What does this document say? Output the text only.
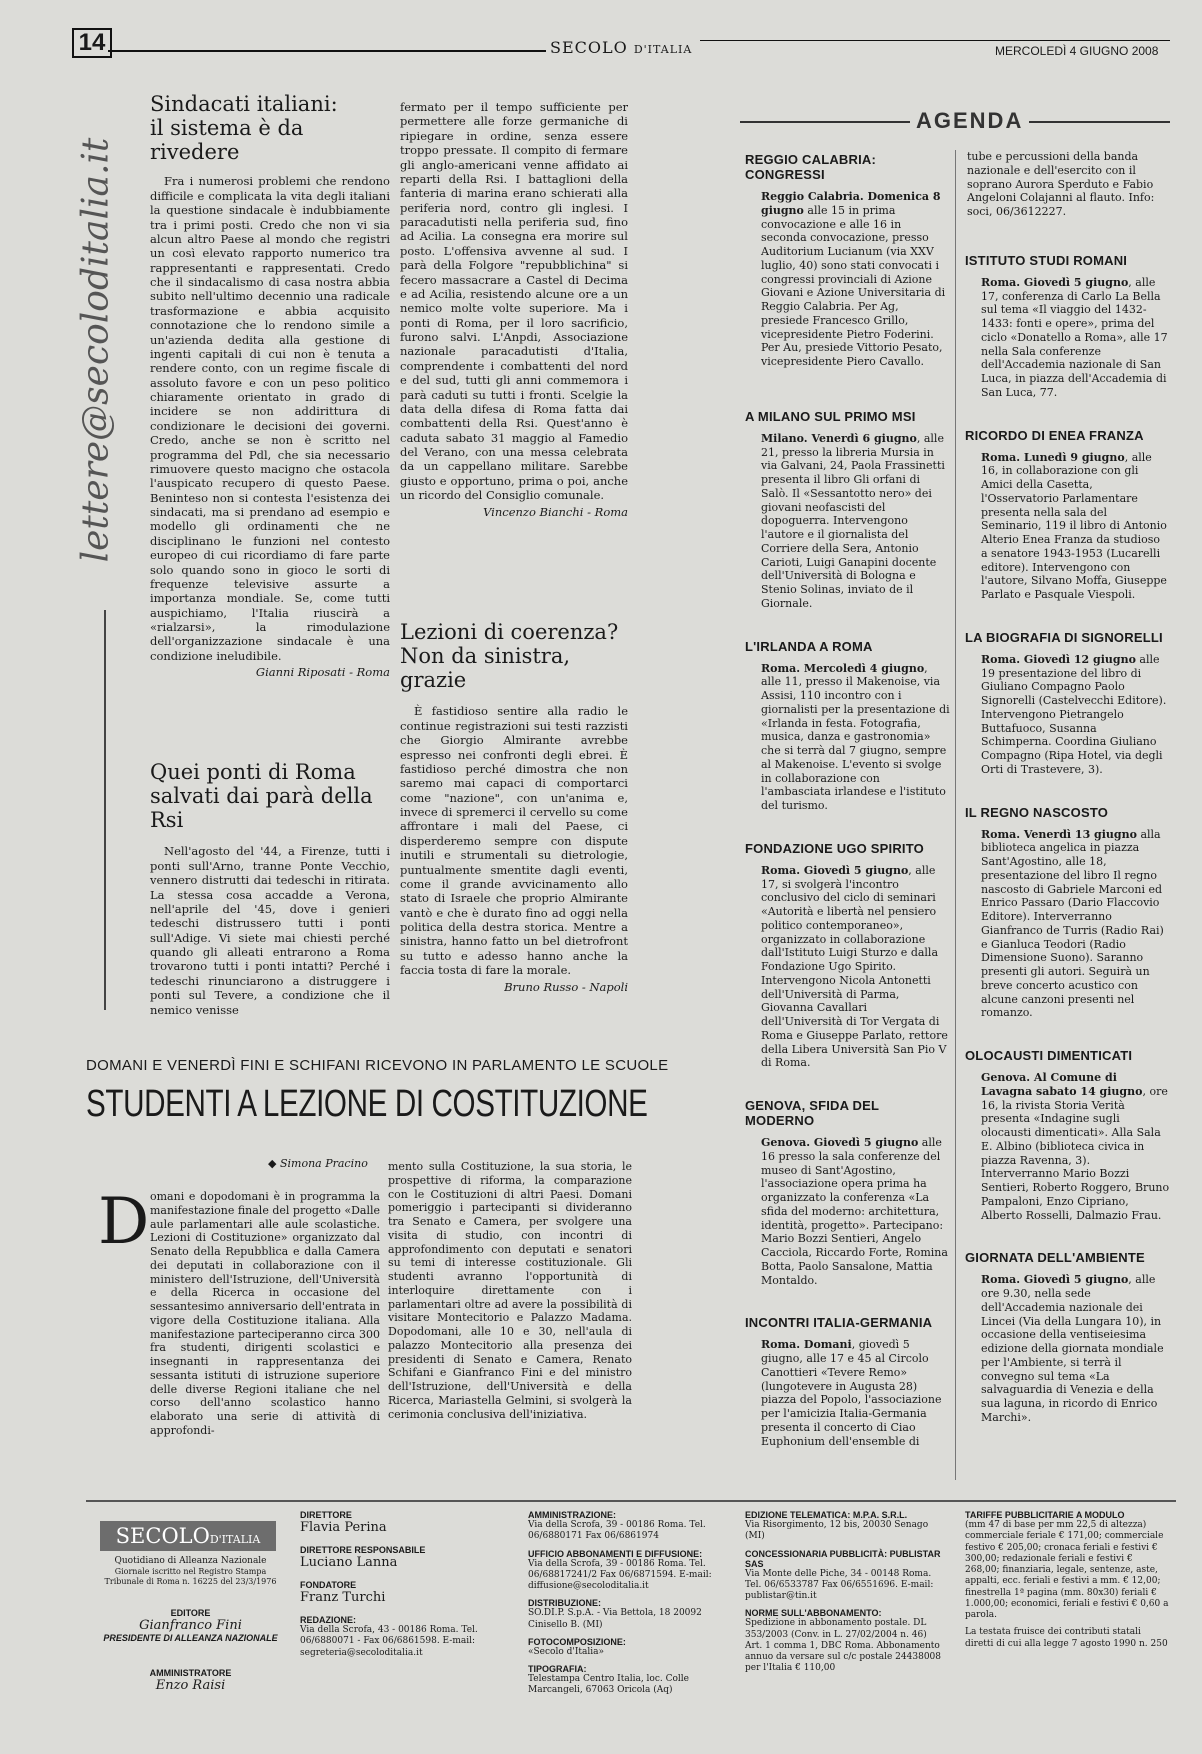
14	SECOLO D'ITALIA	MERCOLEDÌ 4 GIUGNO 2008
lettere@secoloditalia.it
Sindacati italiani:
il sistema è da rivedere

Fra i numerosi problemi che rendono difficile e complicata la vita degli italiani la questione sindacale è indubbiamente tra i primi posti. Credo che non vi sia alcun altro Paese al mondo che registri un così elevato rapporto numerico tra rappresentanti e rappresentati. Credo che il sindacalismo di casa nostra abbia subito nell'ultimo decennio una radicale trasformazione e abbia acquisito connotazione che lo rendono simile a un'azienda dedita alla gestione di ingenti capitali di cui non è tenuta a rendere conto, con un regime fiscale di assoluto favore e con un peso politico chiaramente orientato in grado di incidere se non addirittura di condizionare le decisioni dei governi. Credo, anche se non è scritto nel programma del Pdl, che sia necessario rimuovere questo macigno che ostacola l'auspicato recupero di questo Paese. Beninteso non si contesta l'esistenza dei sindacati, ma si prendano ad esempio e modello gli ordinamenti che ne disciplinano le funzioni nel contesto europeo di cui ricordiamo di fare parte solo quando sono in gioco le sorti di frequenze televisive assurte a importanza mondiale. Se, come tutti auspichiamo, l'Italia riuscirà a «rialzarsi», la rimodulazione dell'organizzazione sindacale è una condizione ineludibile.

Gianni Riposati - Roma

Quei ponti di Roma
salvati dai parà della Rsi

Nell'agosto del '44, a Firenze, tutti i ponti sull'Arno, tranne Ponte Vecchio, vennero distrutti dai tedeschi in ritirata. La stessa cosa accadde a Verona, nell'aprile del '45, dove i genieri tedeschi distrussero tutti i ponti sull'Adige. Vi siete mai chiesti perché quando gli alleati entrarono a Roma trovarono tutti i ponti intatti? Perché i tedeschi rinunciarono a distruggere i ponti sul Tevere, a condizione che il nemico venisse

fermato per il tempo sufficiente per permettere alle forze germaniche di ripiegare in ordine, senza essere troppo pressate. Il compito di fermare gli anglo-americani venne affidato ai reparti della Rsi. I battaglioni della fanteria di marina erano schierati alla periferia nord, contro gli inglesi. I paracadutisti nella periferia sud, fino ad Acilia. La consegna era morire sul posto. L'offensiva avvenne al sud. I parà della Folgore "repubblichina" si fecero massacrare a Castel di Decima e ad Acilia, resistendo alcune ore a un nemico molte volte superiore. Ma i ponti di Roma, per il loro sacrificio, furono salvi. L'Anpdi, Associazione nazionale paracadutisti d'Italia, comprendente i combattenti del nord e del sud, tutti gli anni commemora i parà caduti su tutti i fronti. Scelgie la data della difesa di Roma fatta dai combattenti della Rsi. Quest'anno è caduta sabato 31 maggio al Famedio del Verano, con una messa celebrata da un cappellano militare. Sarebbe giusto e opportuno, prima o poi, anche un ricordo del Consiglio comunale.

Vincenzo Bianchi - Roma

Lezioni di coerenza?
Non da sinistra, grazie

È fastidioso sentire alla radio le continue registrazioni sui testi razzisti che Giorgio Almirante avrebbe espresso nei confronti degli ebrei. È fastidioso perché dimostra che non saremo mai capaci di comportarci come "nazione", con un'anima e, invece di spremerci il cervello su come affrontare i mali del Paese, ci disperderemo sempre con dispute inutili e strumentali su dietrologie, puntualmente smentite dagli eventi, come il grande avvicinamento allo stato di Israele che proprio Almirante vantò e che è durato fino ad oggi nella politica della destra storica. Mentre a sinistra, hanno fatto un bel dietrofront su tutto e adesso hanno anche la faccia tosta di fare la morale.

Bruno Russo - Napoli

DOMANI E VENERDÌ FINI E SCHIFANI RICEVONO IN PARLAMENTO LE SCUOLE
STUDENTI A LEZIONE DI COSTITUZIONE
◆ Simona Pracino
D omani e dopodomani è in programma la manifestazione finale del progetto «Dalle aule parlamentari alle aule scolastiche. Lezioni di Costituzione» organizzato dal Senato della Repubblica e dalla Camera dei deputati in collaborazione con il ministero dell'Istruzione, dell'Università e della Ricerca in occasione del sessantesimo anniversario dell'entrata in vigore della Costituzione italiana. Alla manifestazione parteciperanno circa 300 fra studenti, dirigenti scolastici e insegnanti in rappresentanza dei sessanta istituti di istruzione superiore delle diverse Regioni italiane che nel corso dell'anno scolastico hanno elaborato una serie di attività di approfondi-

mento sulla Costituzione, la sua storia, le prospettive di riforma, la comparazione con le Costituzioni di altri Paesi. Domani pomeriggio i partecipanti si divideranno tra Senato e Camera, per svolgere una visita di studio, con incontri di approfondimento con deputati e senatori su temi di interesse costituzionale. Gli studenti avranno l'opportunità di interloquire direttamente con i parlamentari oltre ad avere la possibilità di visitare Montecitorio e Palazzo Madama. Dopodomani, alle 10 e 30, nell'aula di palazzo Montecitorio alla presenza dei presidenti di Senato e Camera, Renato Schifani e Gianfranco Fini e del ministro dell'Istruzione, dell'Università e della Ricerca, Mariastella Gelmini, si svolgerà la cerimonia conclusiva dell'iniziativa.

AGENDA

REGGIO CALABRIA: CONGRESSI

Reggio Calabria. Domenica 8 giugno alle 15 in prima convocazione e alle 16 in seconda convocazione, presso Auditorium Lucianum (via XXV luglio, 40) sono stati convocati i congressi provinciali di Azione Giovani e Azione Universitaria di Reggio Calabria. Per Ag, presiede Francesco Grillo, vicepresidente Pietro Foderini. Per Au, presiede Vittorio Pesato, vicepresidente Piero Cavallo.

A MILANO SUL PRIMO MSI

Milano. Venerdì 6 giugno, alle 21, presso la libreria Mursia in via Galvani, 24, Paola Frassinetti presenta il libro Gli orfani di Salò. Il «Sessantotto nero» dei giovani neofascisti del dopoguerra. Intervengono l'autore e il giornalista del Corriere della Sera, Antonio Carioti, Luigi Ganapini docente dell'Università di Bologna e Stenio Solinas, inviato de il Giornale.

L'IRLANDA A ROMA

Roma. Mercoledì 4 giugno, alle 11, presso il Makenoise, via Assisi, 110 incontro con i giornalisti per la presentazione di «Irlanda in festa. Fotografia, musica, danza e gastronomia» che si terrà dal 7 giugno, sempre al Makenoise. L'evento si svolge in collaborazione con l'ambasciata irlandese e l'istituto del turismo.

FONDAZIONE UGO SPIRITO

Roma. Giovedì 5 giugno, alle 17, si svolgerà l'incontro conclusivo del ciclo di seminari «Autorità e libertà nel pensiero politico contemporaneo», organizzato in collaborazione dall'Istituto Luigi Sturzo e dalla Fondazione Ugo Spirito. Intervengono Nicola Antonetti dell'Università di Parma, Giovanna Cavallari dell'Università di Tor Vergata di Roma e Giuseppe Parlato, rettore della Libera Università San Pio V di Roma.

GENOVA, SFIDA DEL MODERNO

Genova. Giovedì 5 giugno alle 16 presso la sala conferenze del museo di Sant'Agostino, l'associazione opera prima ha organizzato la conferenza «La sfida del moderno: architettura, identità, progetto». Partecipano: Mario Bozzi Sentieri, Angelo Cacciola, Riccardo Forte, Romina Botta, Paolo Sansalone, Mattia Montaldo.

INCONTRI ITALIA-GERMANIA

Roma. Domani, giovedì 5 giugno, alle 17 e 45 al Circolo Canottieri «Tevere Remo» (lungotevere in Augusta 28) piazza del Popolo, l'associazione per l'amicizia Italia-Germania presenta il concerto di Ciao Euphonium dell'ensemble di

tube e percussioni della banda nazionale e dell'esercito con il soprano Aurora Sperduto e Fabio Angeloni Colajanni al flauto. Info: soci, 06/3612227.

ISTITUTO STUDI ROMANI

Roma. Giovedì 5 giugno, alle 17, conferenza di Carlo La Bella sul tema «Il viaggio del 1432-1433: fonti e opere», prima del ciclo «Donatello a Roma», alle 17 nella Sala conferenze dell'Accademia nazionale di San Luca, in piazza dell'Accademia di San Luca, 77.

RICORDO DI ENEA FRANZA

Roma. Lunedì 9 giugno, alle 16, in collaborazione con gli Amici della Casetta, l'Osservatorio Parlamentare presenta nella sala del Seminario, 119 il libro di Antonio Alterio Enea Franza da studioso a senatore 1943-1953 (Lucarelli editore). Intervengono con l'autore, Silvano Moffa, Giuseppe Parlato e Pasquale Viespoli.

LA BIOGRAFIA DI SIGNORELLI

Roma. Giovedì 12 giugno alle 19 presentazione del libro di Giuliano Compagno Paolo Signorelli (Castelvecchi Editore). Intervengono Pietrangelo Buttafuoco, Susanna Schimperna. Coordina Giuliano Compagno (Ripa Hotel, via degli Orti di Trastevere, 3).

IL REGNO NASCOSTO

Roma. Venerdì 13 giugno alla biblioteca angelica in piazza Sant'Agostino, alle 18, presentazione del libro Il regno nascosto di Gabriele Marconi ed Enrico Passaro (Dario Flaccovio Editore). Interverranno Gianfranco de Turris (Radio Rai) e Gianluca Teodori (Radio Dimensione Suono). Saranno presenti gli autori. Seguirà un breve concerto acustico con alcune canzoni presenti nel romanzo.

OLOCAUSTI DIMENTICATI

Genova. Al Comune di Lavagna sabato 14 giugno, ore 16, la rivista Storia Verità presenta «Indagine sugli olocausti dimenticati». Alla Sala E. Albino (biblioteca civica in piazza Ravenna, 3). Interverranno Mario Bozzi Sentieri, Roberto Roggero, Bruno Pampaloni, Enzo Cipriano, Alberto Rosselli, Dalmazio Frau.

GIORNATA DELL'AMBIENTE

Roma. Giovedì 5 giugno, alle ore 9.30, nella sede dell'Accademia nazionale dei Lincei (Via della Lungara 10), in occasione della ventiseiesima edizione della giornata mondiale per l'Ambiente, si terrà il convegno sul tema «La salvaguardia di Venezia e della sua laguna, in ricordo di Enrico Marchi».

SECOLOD'ITALIA
Quotidiano di Alleanza Nazionale
Giornale iscritto nel Registro Stampa Tribunale di Roma n. 16225 del 23/3/1976
EDITORE
Gianfranco Fini
PRESIDENTE DI ALLEANZA NAZIONALE
AMMINISTRATORE
Enzo Raisi
DIRETTORE
Flavia Perina
DIRETTORE RESPONSABILE
Luciano Lanna
FONDATORE
Franz Turchi
REDAZIONE:
Via della Scrofa, 43 - 00186 Roma. Tel. 06/6880071 - Fax 06/6861598. E-mail: segreteria@secoloditalia.it
AMMINISTRAZIONE:
Via della Scrofa, 39 - 00186 Roma. Tel. 06/6880171 Fax 06/6861974
UFFICIO ABBONAMENTI E DIFFUSIONE:
Via della Scrofa, 39 - 00186 Roma. Tel. 06/68817241/2 Fax 06/6871594. E-mail: diffusione@secoloditalia.it
DISTRIBUZIONE:
SO.DI.P. S.p.A. - Via Bettola, 18 20092 Cinisello B. (MI)
FOTOCOMPOSIZIONE:
«Secolo d'Italia»
TIPOGRAFIA:
Telestampa Centro Italia, loc. Colle Marcangeli, 67063 Oricola (Aq)
EDIZIONE TELEMATICA: M.P.A. S.R.L.
Via Risorgimento, 12 bis, 20030 Senago (MI)
CONCESSIONARIA PUBBLICITÀ: PUBLISTAR SAS
Via Monte delle Piche, 34 - 00148 Roma. Tel. 06/6533787 Fax 06/6551696. E-mail: publistar@tin.it
NORME SULL'ABBONAMENTO:
Spedizione in abbonamento postale. DL 353/2003 (Conv. in L. 27/02/2004 n. 46) Art. 1 comma 1, DBC Roma. Abbonamento annuo da versare sul c/c postale 24438008 per l'Italia € 110,00
TARIFFE PUBBLICITARIE A MODULO
(mm 47 di base per mm 22,5 di altezza) commerciale feriale € 171,00; commerciale festivo € 205,00; cronaca feriali e festivi € 300,00; redazionale feriali e festivi € 268,00; finanziaria, legale, sentenze, aste, appalti, ecc. feriali e festivi a mm. € 12,00; finestrella 1ª pagina (mm. 80x30) feriali € 1.000,00; economici, feriali e festivi € 0,60 a parola.
La testata fruisce dei contributi statali diretti di cui alla legge 7 agosto 1990 n. 250
